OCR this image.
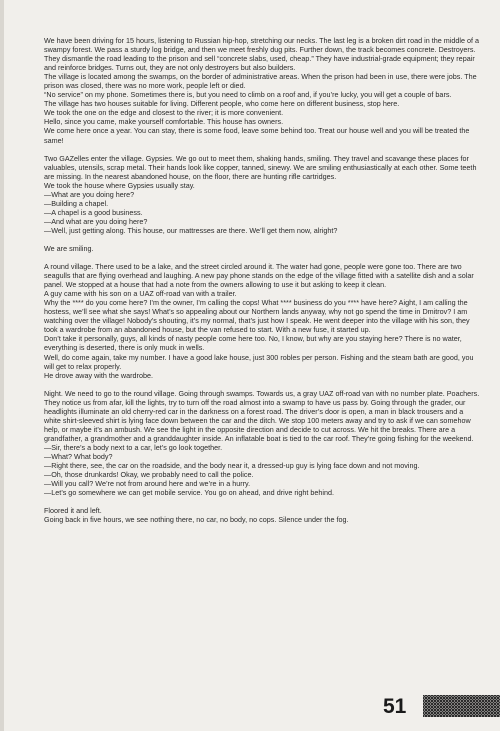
We have been driving for 15 hours, listening to Russian hip-hop, stretching our necks. The last leg is a broken dirt road in the middle of a swampy forest. We pass a sturdy log bridge, and then we meet freshly dug pits. Further down, the track becomes concrete. Destroyers. They dismantle the road leading to the prison and sell “concrete slabs, used, cheap.” They have industrial-grade equipment; they repair and reinforce bridges. Turns out, they are not only destroyers but also builders.

The village is located among the swamps, on the border of administrative areas. When the prison had been in use, there were jobs. The prison was closed, there was no more work, people left or died.

“No service” on my phone. Sometimes there is, but you need to climb on a roof and, if you’re lucky, you will get a couple of bars.

The village has two houses suitable for living. Different people, who come here on different business, stop here.

We took the one on the edge and closest to the river; it is more convenient.

Hello, since you came, make yourself comfortable. This house has owners.

We come here once a year. You can stay, there is some food, leave some behind too. Treat our house well and you will be treated the same!

Two GAZelles enter the village. Gypsies. We go out to meet them, shaking hands, smiling. They travel and scavange these places for valuables, utensils, scrap metal. Their hands look like copper, tanned, sinewy. We are smiling enthusiastically at each other. Some teeth are missing. In the nearest abandoned house, on the floor, there are hunting rifle cartridges.

We took the house where Gypsies usually stay.

—What are you doing here?

—Building a chapel.

—A chapel is a good business.

—And what are you doing here?

—Well, just getting along. This house, our mattresses are there. We’ll get them now, alright?

We are smiling.

A round village. There used to be a lake, and the street circled around it. The water had gone, people were gone too. There are two seagulls that are flying overhead and laughing. A new pay phone stands on the edge of the village fitted with a satellite dish and a solar panel. We stopped at a house that had a note from the owners allowing to use it but asking to keep it clean.

A guy came with his son on a UAZ off-road van with a trailer.

Why the **** do you come here? I’m the owner, I’m calling the cops! What **** business do you **** have here? Aight, I am calling the hostess, we’ll see what she says! What’s so appealing about our Northern lands anyway, why not go spend the time in Dmitrov? I am watching over the village! Nobody’s shouting, it’s my normal, that’s just how I speak. He went deeper into the village with his son, they took a wardrobe from an abandoned house, but the van refused to start. With a new fuse, it started up.

Don’t take it personally, guys, all kinds of nasty people come here too. No, I know, but why are you staying here? There is no water, everything is deserted, there is only muck in wells.

Well, do come again, take my number. I have a good lake house, just 300 robles per person. Fishing and the steam bath are good, you will get to relax properly.

He drove away with the wardrobe.

Night. We need to go to the round village. Going through swamps. Towards us, a gray UAZ off-road van with no number plate. Poachers. They notice us from afar, kill the lights, try to turn off the road almost into a swamp to have us pass by. Going through the grader, our headlights illuminate an old cherry-red car in the darkness on a forest road. The driver’s door is open, a man in black trousers and a white shirt-sleeved shirt is lying face down between the car and the ditch. We stop 100 meters away and try to ask if we can somehow help, or maybe it’s an ambush. We see the light in the opposite direction and decide to cut across. We hit the breaks. There are a grandfather, a grandmother and a granddaughter inside. An inflatable boat is tied to the car roof. They’re going fishing for the weekend.

—Sir, there’s a body next to a car, let’s go look together.

—What? What body?

—Right there, see, the car on the roadside, and the body near it, a dressed-up guy is lying face down and not moving.

—Oh, those drunkards! Okay, we probably need to call the police.

—Will you call? We’re not from around here and we’re in a hurry.

—Let’s go somewhere we can get mobile service. You go on ahead, and drive right behind.

Floored it and left.

Going back in five hours, we see nothing there, no car, no body, no cops. Silence under the fog.

51
